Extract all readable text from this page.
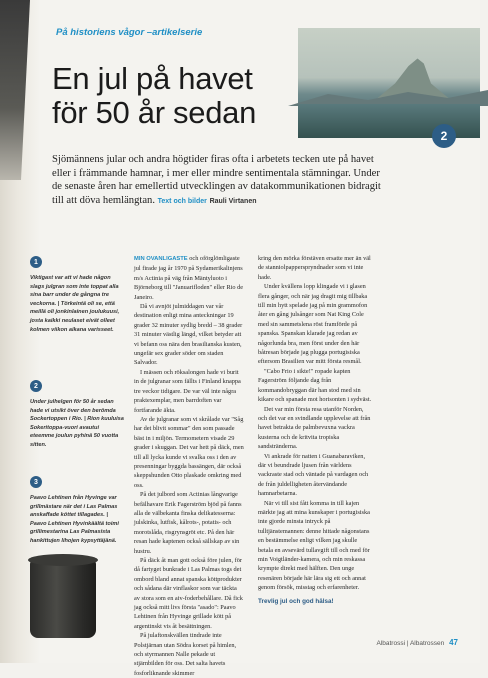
På historiens vågor –artikelserie
En jul på havet
för 50 år sedan
2
Sjömännens jular och andra högtider firas ofta i arbetets tecken ute på havet eller i främmande hamnar, i mer eller mindre sentimentala stämningar. Under de senaste åren har emellertid utvecklingen av datakommunikationen bidragit till att döva hemlängtan. Text och bilder Rauli Virtanen
1
Viktigast var att vi hade någon slags julgran som inte toppat alla sina barr under de gångna tre veckorna. | Törkeintä oli se, että meillä oli jonkinlainen joulukuusi, josta kaikki neulaset eivät olleet kolmen viikon aikana varisseet.
2
Under julhelgen för 50 år sedan hade vi utsikt över den berömda Sockertoppen i Rio. | Rion kuuluisa Sokeritoppa-vuori avautui eteemme joulun pyhinä 50 vuotta sitten.
3
Paavo Lehtinen från Hyvinge var grillmästare när det i Las Palmas anskaffade köttet tillagades. | Paavo Lehtinen Hyvinkäältä toimi grillimestarina Las Palmasista hankittujen lihojen kypsyttäjänä.

MIN OVANLIGASTE och oförglömligaste jul firade jag år 1970 på Sydamerikalinjens m/s Actinia på väg från Mäntyluoto i Björneborg till "Januarifloden" eller Rio de Janeiro.

Då vi avnjöt julmiddagen var vår destination enligt mina anteckningar 19 grader 32 minuter sydlig bredd – 38 grader 31 minuter västlig längd, vilket betyder att vi befann oss nära den brasilianska kusten, ungefär sex grader söder om staden Salvador.

I mässen och röksalongen hade vi burit in de julgranar som fällts i Finland knappa tre veckor tidigare. De var väl inte några praktexemplar, men barrdoften var fortfarande äkta.

Av de julgranar som vi skrålade var "Såg har det blivit sommar" den som passade bäst in i miljön. Termometern visade 29 grader i skuggan. Det var hett på däck, men till all lycka kunde vi svalka oss i den av presenningar byggda bassängen, där också skeppshunden Otto plaskade omkring med oss.

På det julbord som Actinias långvarige befälhavare Erik Fagerström bjöd på fanns alla de välbekanta finska delikatesserna: julskinka, lutfisk, kålrots-, potatis- och morotslåda, risgrynsgröt etc. På den här resan hade kaptenen också sällskap av sin hustru.

På däck åt man gott också före julen, för då fartyget bunkrade i Las Palmas togs det ombord bland annat spanska köttprodukter och sådana där vinflaskor som var täckta av stora som en aiv-foderbehållare. Då fick jag också mitt livs första "asado": Paavo Lehtinen från Hyvinge grillade kött på argentinskt vis åt besättningen.

På julaftonskvällen tindrade inte Polstjärnan utan Södra korset på himlen, och styrmannen Nalle pekade ut stjärnbilden för oss. Det salta havets fosforliknande skimmer

kring den mörka förstäven ersatte mer än väl de stanniolpapperspryndnader som vi inte hade.

Under kvällens lopp klingade vi i glasen flera gånger, och när jag dragit mig tillbaka till min hytt spelade jag på min grammofon åter en gång julsånger som Nat King Cole med sin sammetslena röst framförde på spanska. Spanskan klarade jag redan av någorlunda bra, men först under den här båtresan började jag plugga portugisiska eftersom Brasilien var mitt första resmål.

"Cabo Frio i sikte!" ropade kapten Fagerström följande dag från kommandobryggan där han stod med sin kikare och spanade mot horisonten i sydväst.

Det var min första resa utanför Norden, och det var en svindlande upplevelse att från havet betrakta de palmbevuxna vackra kusterna och de kritvita tropiska sandstränderna.

Vi ankrade för natten i Guanabaraviken, där vi beundrade ljusen från världens vackraste stad och väntade på vardagen och de från juldelligheten återvändande hamnarbetarna.

När vi till sist fått komma in till kajen märkte jag att mina kunskaper i portugisiska inte gjorde minsta intryck på tulltjänstemannen: denne hittade någonstans en bestämmelse enligt vilken jag skulle betala en avsevärd tullavgift till och med för min Voigtländer-kamera, och min reskassa krympte direkt med hälften. Den unge resenären började här lära sig ett och annat genom försök, misstag och erfarenheter.

Trevlig jul och god hälsa!
Albatrossi | Albatrossen 47
